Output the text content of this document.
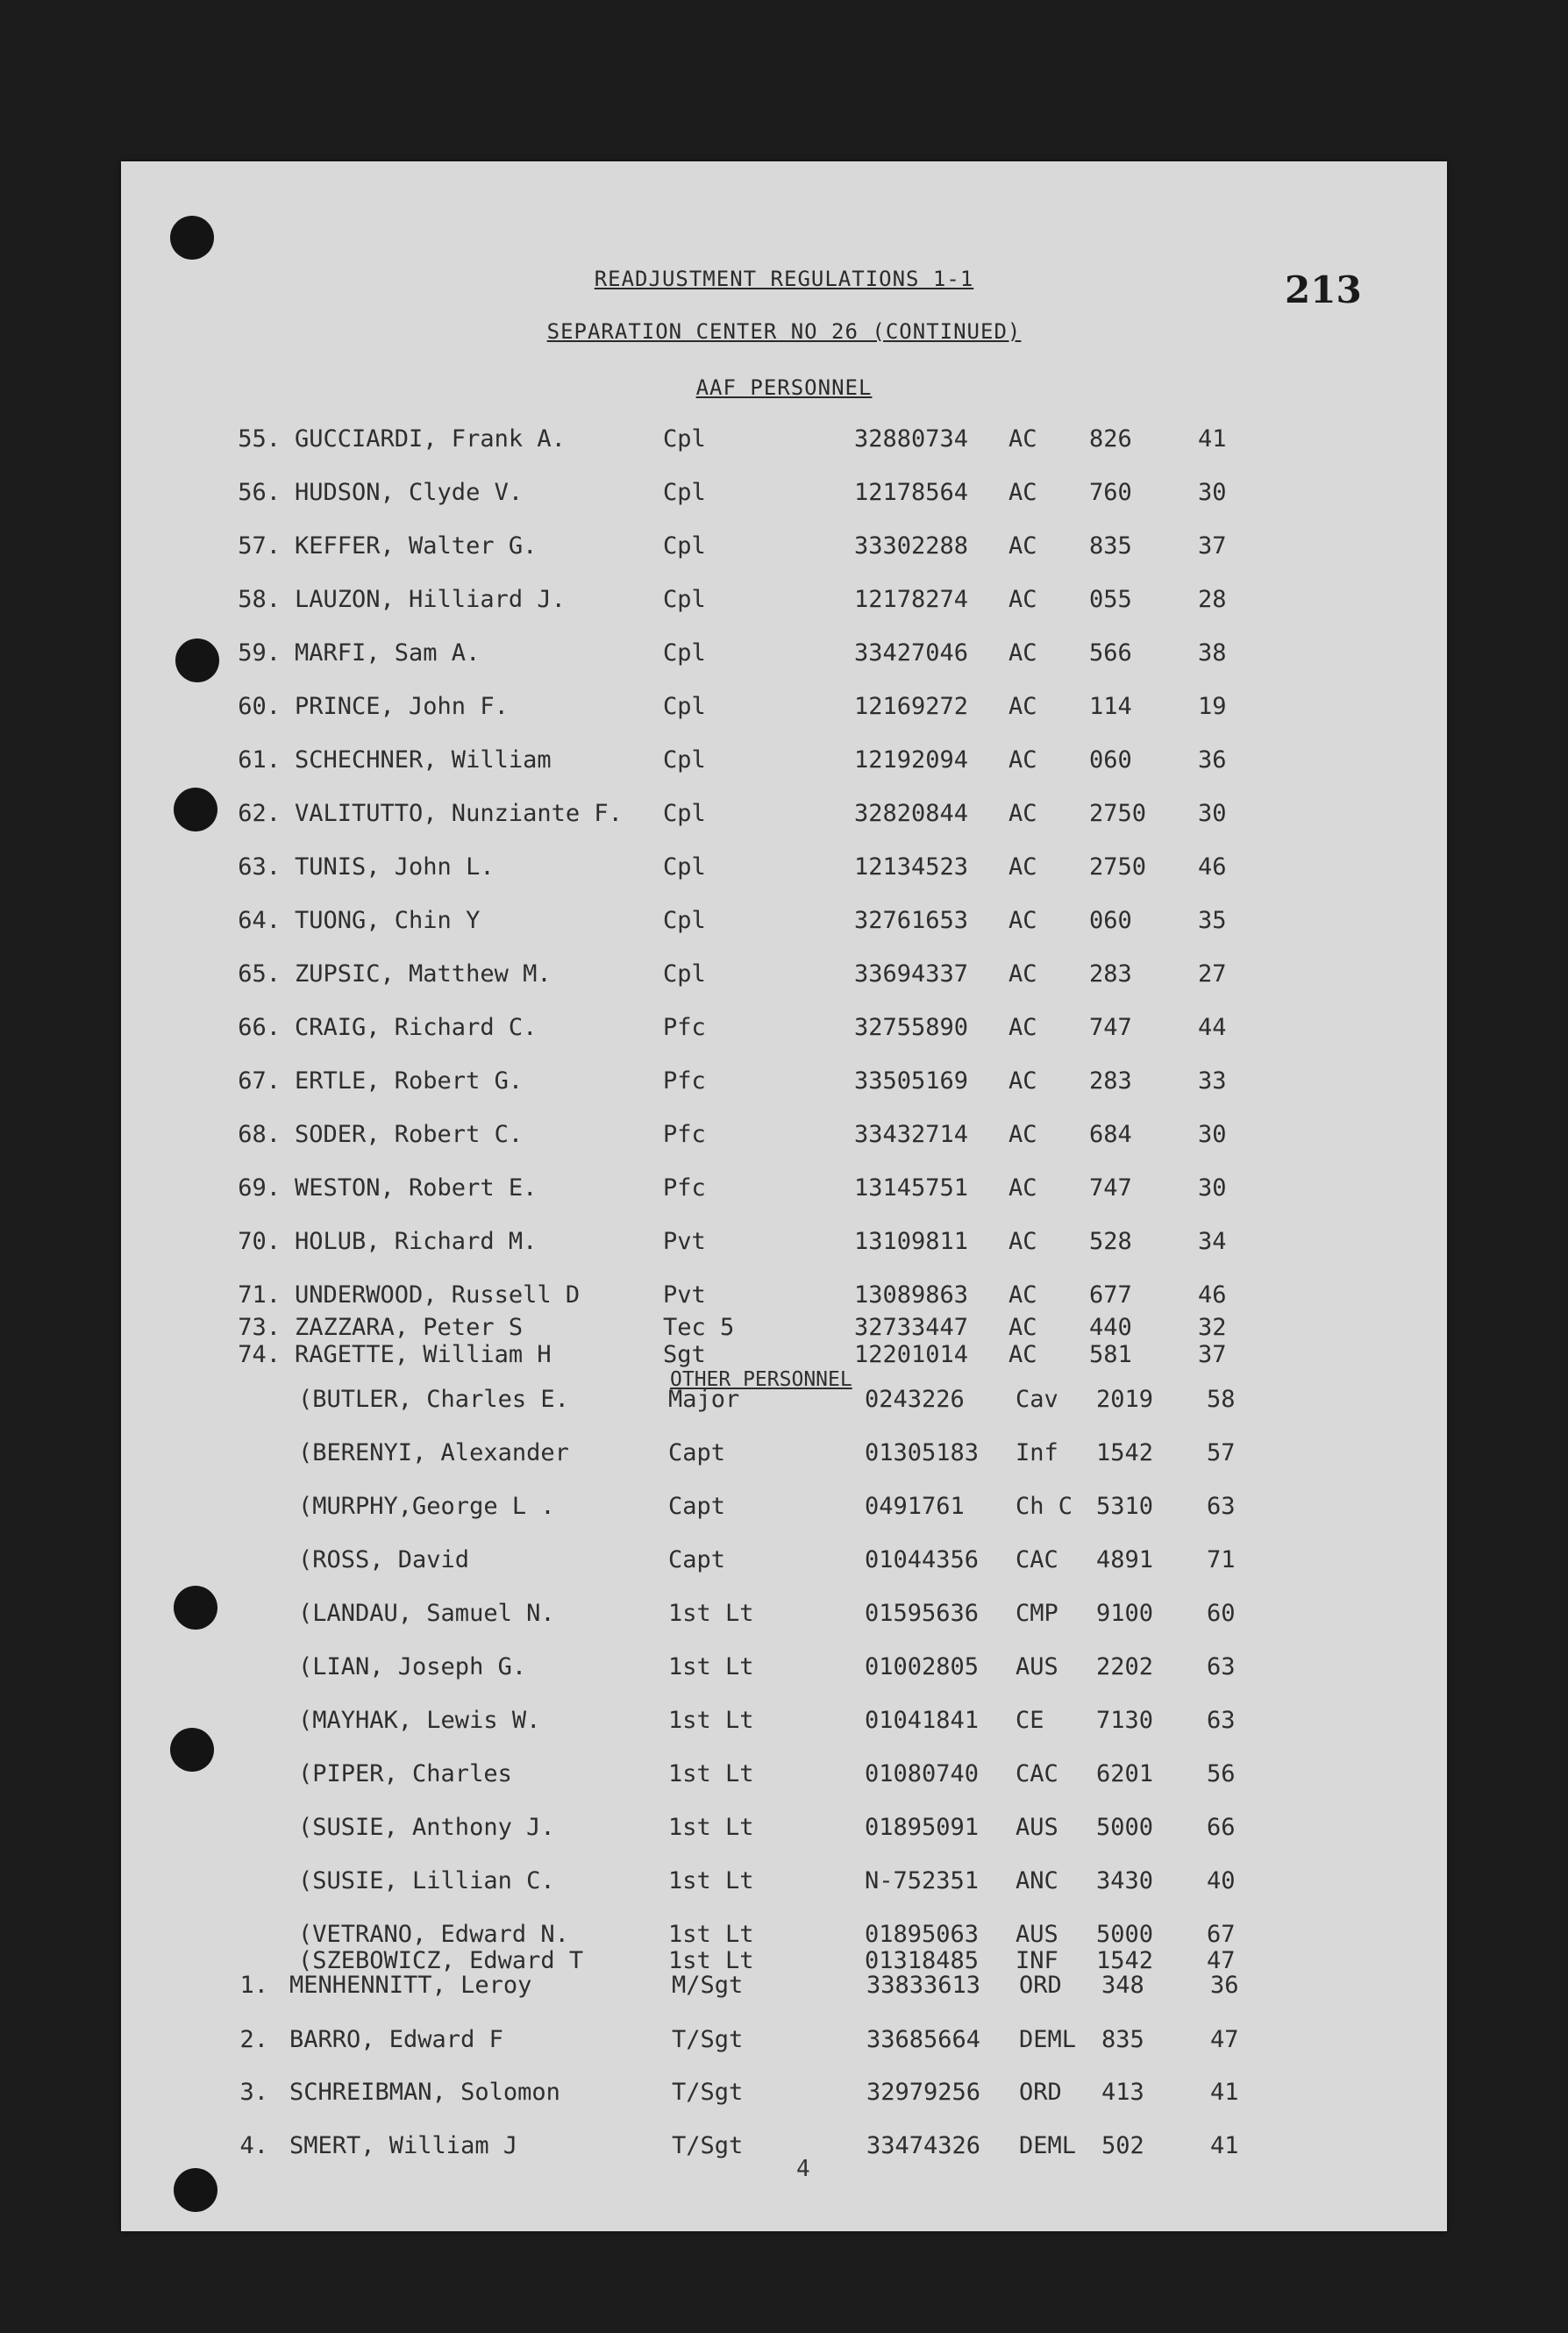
READJUSTMENT REGULATIONS 1-1
SEPARATION CENTER NO 26 (CONTINUED)
AAF PERSONNEL
213
55. GUCCIARDI, Frank A.	Cpl	32880734 AC 826	41
56. HUDSON, Clyde V.	Cpl	12178564 AC 760	30
57. KEFFER, Walter G.	Cpl	33302288 AC 835	37
58. LAUZON, Hilliard J.	Cpl	12178274 AC 055	28
59. MARFI, Sam A.	Cpl	33427046 AC 566	38
60. PRINCE, John F.	Cpl	12169272 AC 114	19
61. SCHECHNER, William	Cpl	12192094 AC 060	36
62. VALITUTTO, Nunziante F. Cpl	32820844 AC 2750 30
63. TUNIS, John L.	Cpl	12134523 AC 2750 46
64. TUONG, Chin Y	Cpl	32761653 AC 060	35
65. ZUPSIC, Matthew M.	Cpl	33694337 AC 283	27
66. CRAIG, Richard C.	Pfc	32755890 AC 747	44
67. ERTLE, Robert G.	Pfc	33505169 AC 283	33
68. SODER, Robert C.	Pfc	33432714 AC 684	30
69. WESTON, Robert E.	Pfc	13145751 AC 747	30
70. HOLUB, Richard M.	Pvt	13109811 AC 528	34
71. UNDERWOOD, Russell D	Pvt	13089863 AC 677	46
73. ZAZZARA, Peter S	Tec 5	32733447 AC 440	32
74. RAGETTE, William H	Sgt	12201014 AC 581	37
OTHER PERSONNEL
(BUTLER, Charles E.	Major	0243226 Cav 2019 58
(BERENYI, Alexander	Capt	01305183 Inf 1542 57
(MURPHY,George L .	Capt	0491761 Ch C 5310 63
(ROSS, David	Capt	01044356 CAC 4891 71
(LANDAU, Samuel N.	1st Lt	01595636 CMP 9100 60
(LIAN, Joseph G.	1st Lt	01002805 AUS 2202 63
(MAYHAK, Lewis W.	1st Lt	01041841 CE 7130 63
(PIPER, Charles	1st Lt	01080740 CAC 6201 56
(SUSIE, Anthony J.	1st Lt	01895091 AUS 5000 66
(SUSIE, Lillian C.	1st Lt	N-752351 ANC 3430 40
(VETRANO, Edward N.	1st Lt	01895063 AUS 5000 67
(SZEBOWICZ, Edward T	1st Lt	01318485 INF 1542 47
1. MENHENNITT, Leroy	M/Sgt	33833613 ORD 348	36
2. BARRO, Edward F	T/Sgt	33685664 DEML 835	47
3. SCHREIBMAN, Solomon	T/Sgt	32979256 ORD 413	41
4. SMERT, William J	T/Sgt	33474326 DEML 502	41
4
